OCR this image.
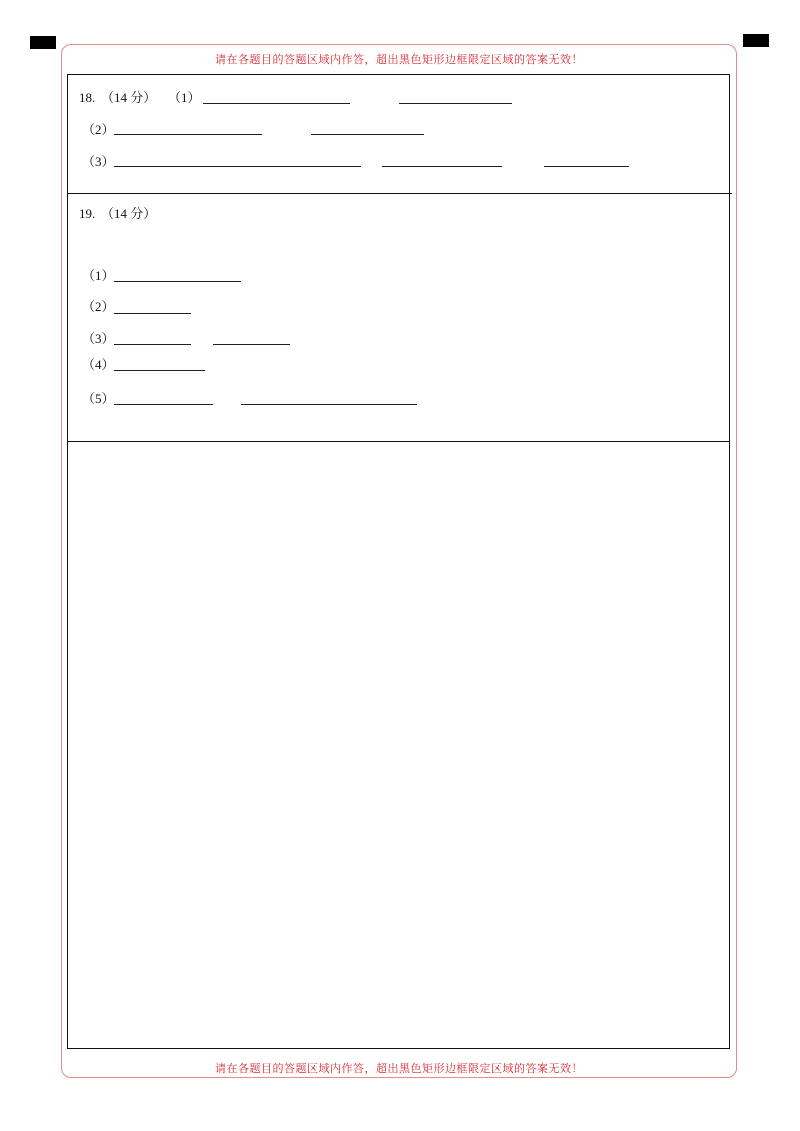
请在各题目的答题区域内作答，超出黑色矩形边框限定区域的答案无效！
请在各题目的答题区域内作答，超出黑色矩形边框限定区域的答案无效！
18. （14 分） （1）
（2）
（3）
19. （14 分）
（1）
（2）
（3）
（4）
（5）
